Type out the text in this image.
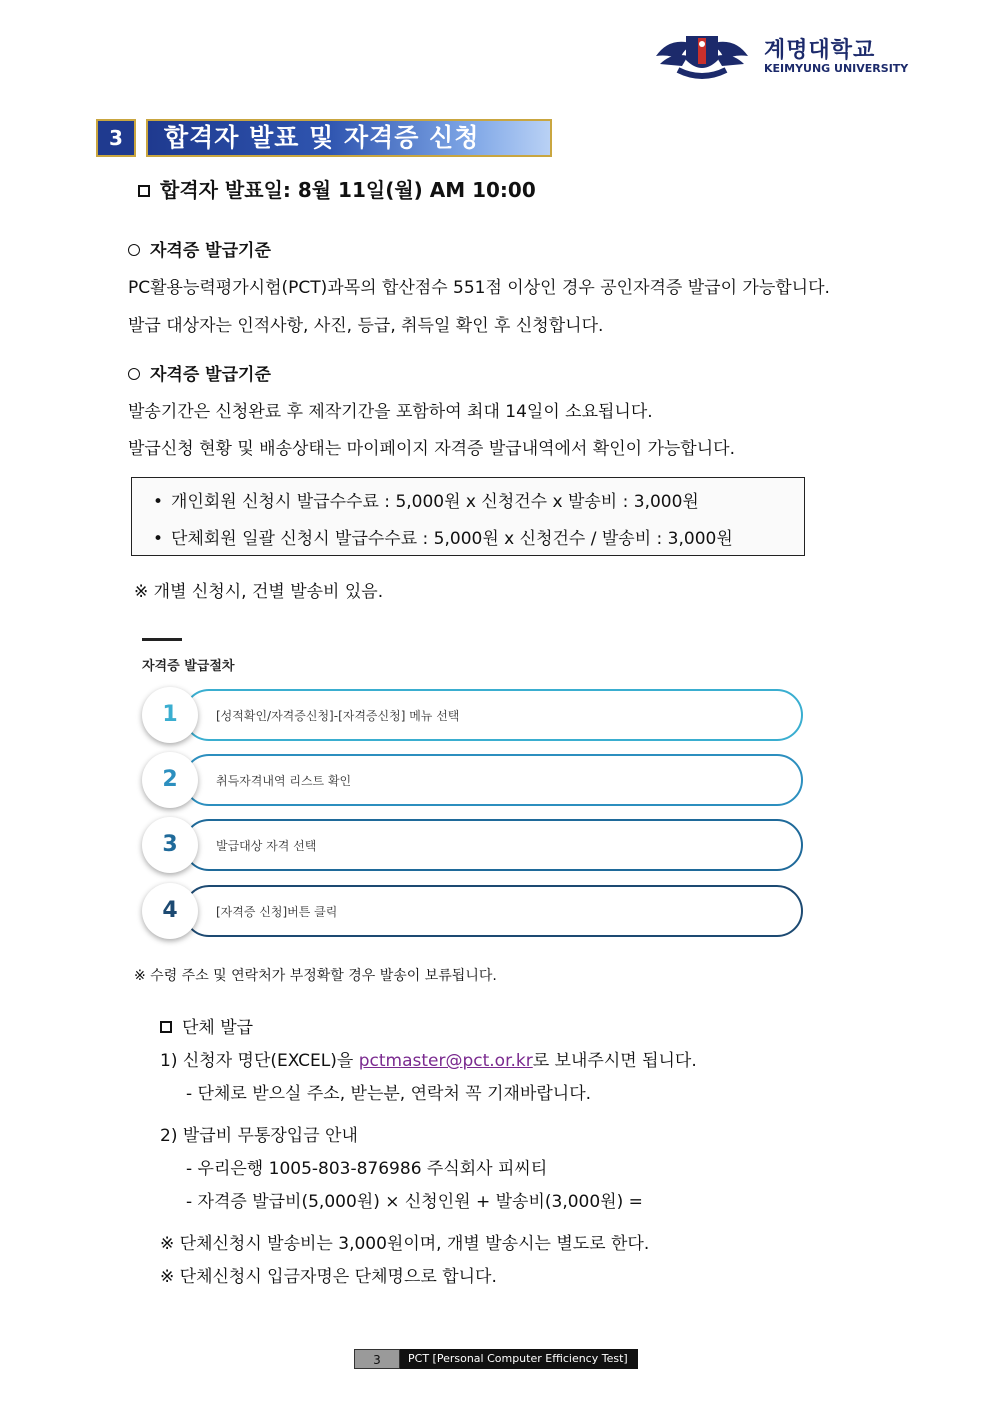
계명대학교
KEIMYUNG UNIVERSITY
3	합격자 발표 및 자격증 신청
합격자 발표일: 8월 11일(월) AM 10:00
자격증 발급기준
PC활용능력평가시험(PCT)과목의 합산점수 551점 이상인 경우 공인자격증 발급이 가능합니다.
발급 대상자는 인적사항, 사진, 등급, 취득일 확인 후 신청합니다.
자격증 발급기준
발송기간은 신청완료 후 제작기간을 포함하여 최대 14일이 소요됩니다.
발급신청 현황 및 배송상태는 마이페이지 자격증 발급내역에서 확인이 가능합니다.
• 개인회원 신청시 발급수수료 : 5,000원 x 신청건수 x 발송비 : 3,000원
• 단체회원 일괄 신청시 발급수수료 : 5,000원 x 신청건수 / 발송비 : 3,000원
※ 개별 신청시, 건별 발송비 있음.
자격증 발급절차
1	[성적확인/자격증신청]-[자격증신청] 메뉴 선택
2	취득자격내역 리스트 확인
3	발급대상 자격 선택
4	[자격증 신청]버튼 클릭
※ 수령 주소 및 연락처가 부정확할 경우 발송이 보류됩니다.
단체 발급
1) 신청자 명단(EXCEL)을 pctmaster@pct.or.kr로 보내주시면 됩니다.
- 단체로 받으실 주소, 받는분, 연락처 꼭 기재바랍니다.
2) 발급비 무통장입금 안내
- 우리은행 1005-803-876986 주식회사 피씨티
- 자격증 발급비(5,000원) × 신청인원 + 발송비(3,000원) =
※ 단체신청시 발송비는 3,000원이며, 개별 발송시는 별도로 한다.
※ 단체신청시 입금자명은 단체명으로 합니다.
3	PCT [Personal Computer Efficiency Test]
